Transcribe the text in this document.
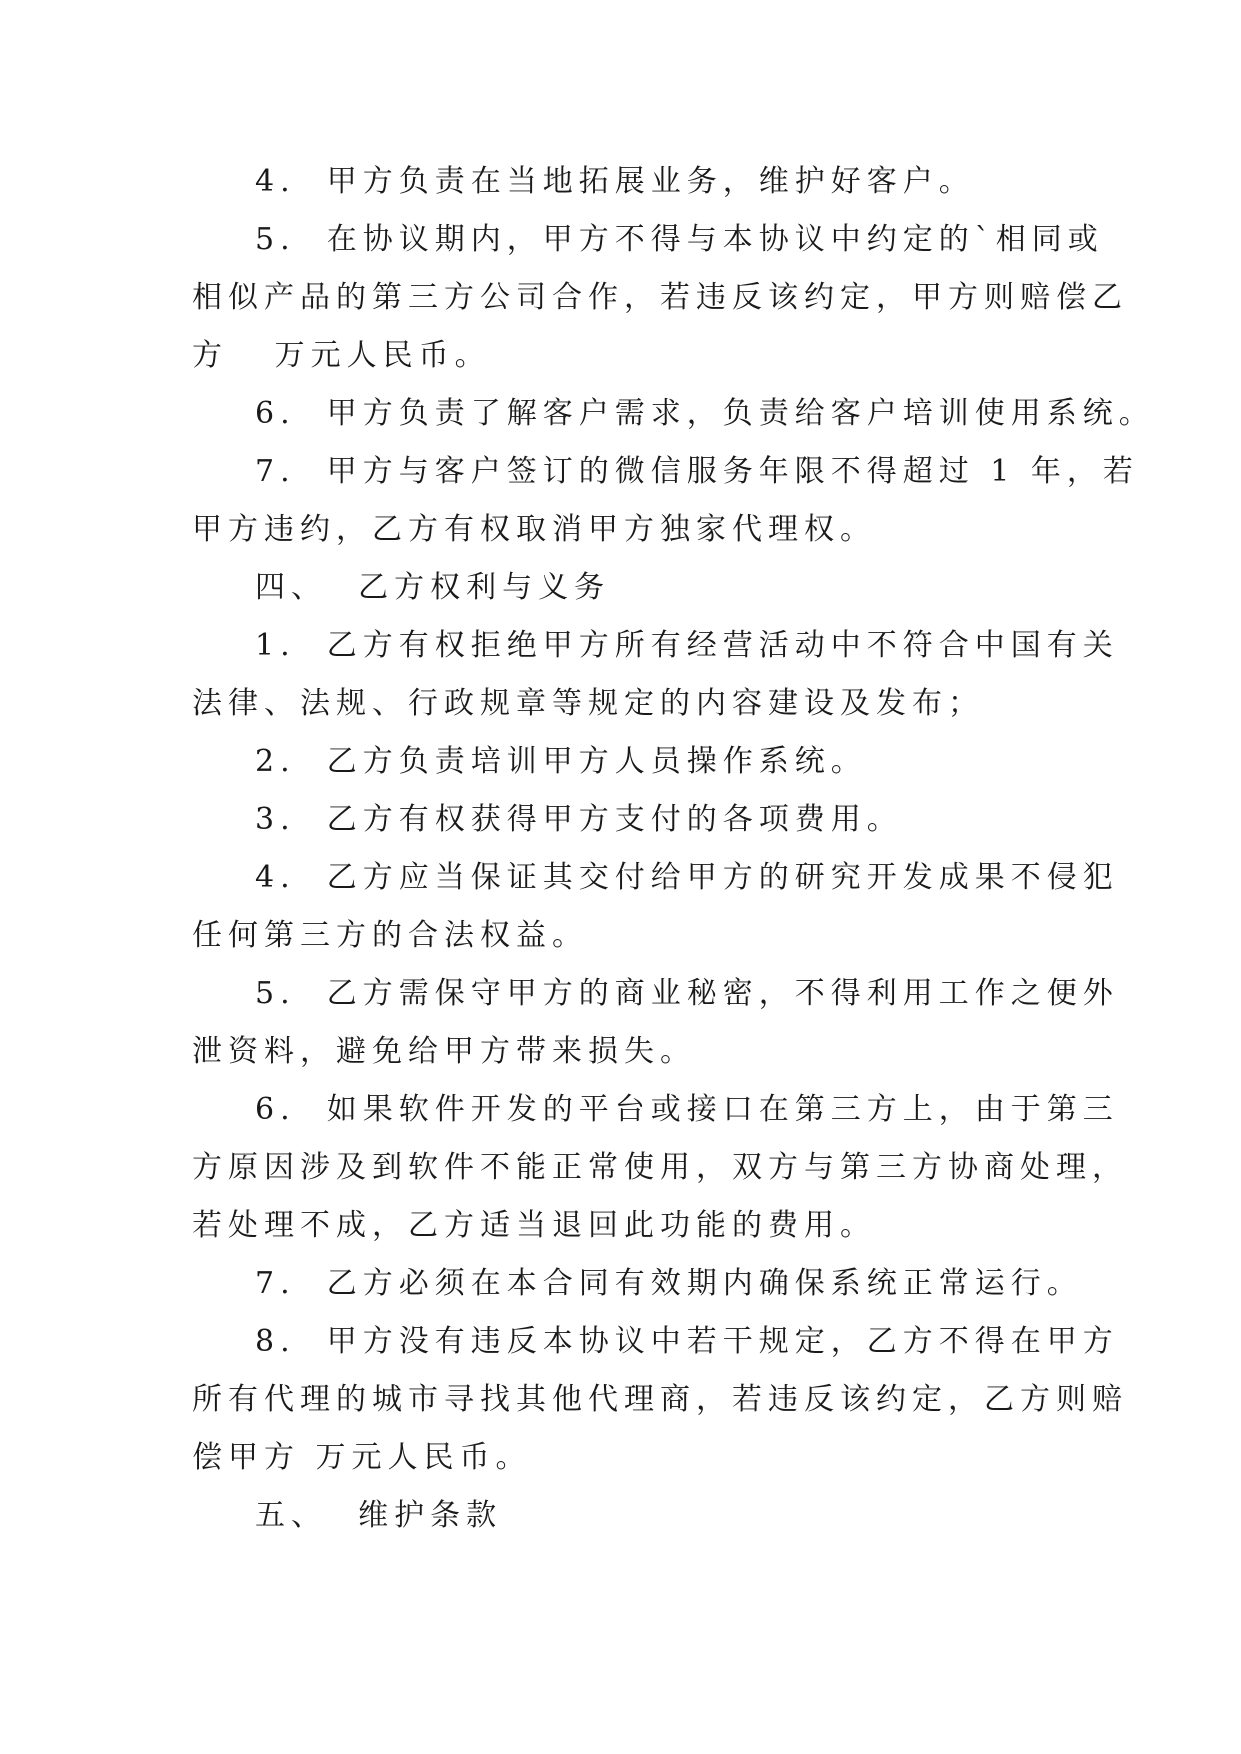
4.  甲方负责在当地拓展业务，维护好客户。
5.  在协议期内，甲方不得与本协议中约定的`相同或
相似产品的第三方公司合作，若违反该约定，甲方则赔偿乙
方   万元人民币。
6.  甲方负责了解客户需求，负责给客户培训使用系统。
7.  甲方与客户签订的微信服务年限不得超过 1 年，若
甲方违约，乙方有权取消甲方独家代理权。
四、  乙方权利与义务
1.  乙方有权拒绝甲方所有经营活动中不符合中国有关
法律、法规、行政规章等规定的内容建设及发布；
2.  乙方负责培训甲方人员操作系统。
3.  乙方有权获得甲方支付的各项费用。
4.  乙方应当保证其交付给甲方的研究开发成果不侵犯
任何第三方的合法权益。
5.  乙方需保守甲方的商业秘密，不得利用工作之便外
泄资料，避免给甲方带来损失。
6.  如果软件开发的平台或接口在第三方上，由于第三
方原因涉及到软件不能正常使用，双方与第三方协商处理，
若处理不成，乙方适当退回此功能的费用。
7.  乙方必须在本合同有效期内确保系统正常运行。
8.  甲方没有违反本协议中若干规定，乙方不得在甲方
所有代理的城市寻找其他代理商，若违反该约定，乙方则赔
偿甲方 万元人民币。
五、  维护条款
